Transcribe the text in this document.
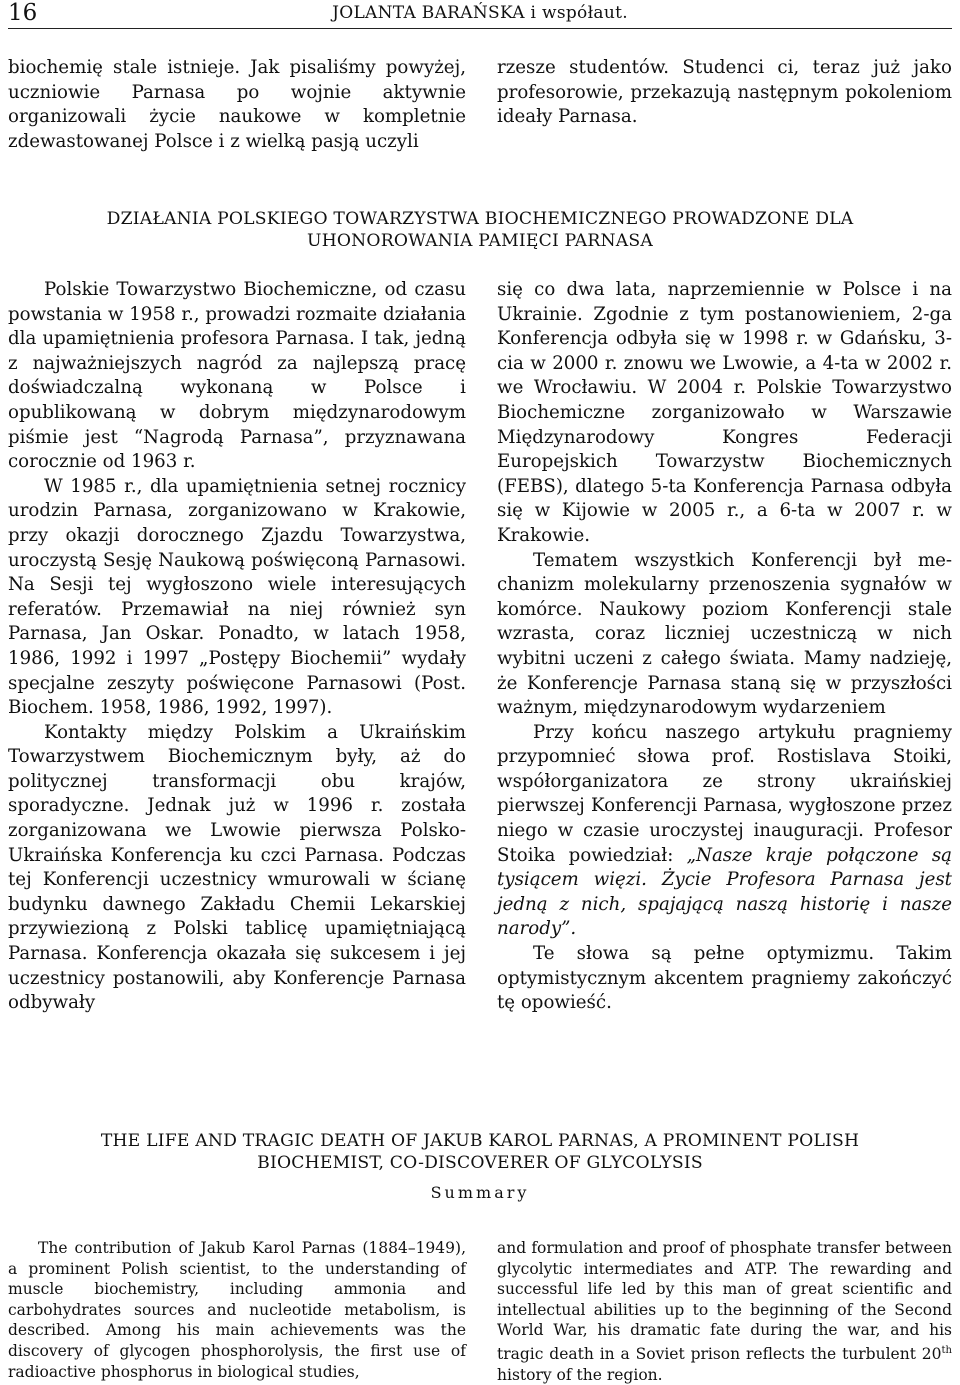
16	JOLANTA BARAŃSKA i współaut.

biochemię stale istnieje. Jak pisaliśmy powyżej, uczniowie Parnasa po wojnie aktywnie organizowali życie naukowe w kompletnie zdewastowanej Polsce i z wielką pasją uczyli

rzesze studentów. Studenci ci, teraz już jako profesorowie, przekazują następnym pokoleniom ideały Parnasa.

DZIAŁANIA POLSKIEGO TOWARZYSTWA BIOCHEMICZNEGO PROWADZONE DLA
UHONOROWANIA PAMIĘCI PARNASA

Polskie Towarzystwo Biochemiczne, od czasu powstania w 1958 r., prowadzi rozmaite działania dla upamiętnienia profesora Parnasa. I tak, jedną z najważniejszych nagród za najlepszą pracę doświadczalną wykonaną w Polsce i opublikowaną w dobrym międzynarodowym piśmie jest “Nagrodą Parnasa”, przyznawana corocznie od 1963 r.

W 1985 r., dla upamiętnienia setnej rocznicy urodzin Parnasa, zorganizowano w Krakowie, przy okazji dorocznego Zjazdu Towarzystwa, uroczystą Sesję Naukową poświęconą Parnasowi. Na Sesji tej wygłoszono wiele interesujących referatów. Przemawiał na niej również syn Parnasa, Jan Oskar. Ponadto, w latach 1958, 1986, 1992 i 1997 „Postępy Biochemii” wydały specjalne zeszyty poświęcone Parnasowi (Post. Biochem. 1958, 1986, 1992, 1997).

Kontakty między Polskim a Ukraińskim Towarzystwem Biochemicznym były, aż do politycznej transformacji obu krajów, sporadyczne. Jednak już w 1996 r. została zorganizowana we Lwowie pierwsza Polsko-Ukraińska Konferencja ku czci Parnasa. Podczas tej Konferencji uczestnicy wmurowali w ścianę budynku dawnego Zakładu Chemii Lekarskiej przywiezioną z Polski tablicę upamiętniającą Parnasa. Konferencja okazała się sukcesem i jej uczestnicy postanowili, aby Konferencje Parnasa odbywały

się co dwa lata, naprzemiennie w Polsce i na Ukrainie. Zgodnie z tym postanowieniem, 2-ga Konferencja odbyła się w 1998 r. w Gdańsku, 3-cia w 2000 r. znowu we Lwowie, a 4-ta w 2002 r. we Wrocławiu. W 2004 r. Polskie Towarzystwo Biochemiczne zorganizowało w Warszawie Międzynarodowy Kongres Federacji Europejskich Towarzystw Biochemicznych (FEBS), dlatego 5-ta Konferencja Parnasa odbyła się w Kijowie w 2005 r., a 6-ta w 2007 r. w Krakowie.

Tematem wszystkich Konferencji był mechanizm molekularny przenoszenia sygnałów w komórce. Naukowy poziom Konferencji stale wzrasta, coraz liczniej uczestniczą w nich wybitni uczeni z całego świata. Mamy nadzieję, że Konferencje Parnasa staną się w przyszłości ważnym, międzynarodowym wydarzeniem

Przy końcu naszego artykułu pragniemy przypomnieć słowa prof. Rostislava Stoiki, współorganizatora ze strony ukraińskiej pierwszej Konferencji Parnasa, wygłoszone przez niego w czasie uroczystej inauguracji. Profesor Stoika powiedział: „Nasze kraje połączone są tysiącem więzi. Życie Profesora Parnasa jest jedną z nich, spajającą naszą historię i nasze narody”.

Te słowa są pełne optymizmu. Takim optymistycznym akcentem pragniemy zakończyć tę opowieść.

THE LIFE AND TRAGIC DEATH OF JAKUB KAROL PARNAS, A PROMINENT POLISH
BIOCHEMIST, CO-DISCOVERER OF GLYCOLYSIS
Summary

The contribution of Jakub Karol Parnas (1884–1949), a prominent Polish scientist, to the understanding of muscle biochemistry, including ammonia and carbohydrates sources and nucleotide metabolism, is described. Among his main achievements was the discovery of glycogen phosphorolysis, the first use of radioactive phosphorus in biological studies,

and formulation and proof of phosphate transfer between glycolytic intermediates and ATP. The rewarding and successful life led by this man of great scientific and intellectual abilities up to the beginning of the Second World War, his dramatic fate during the war, and his tragic death in a Soviet prison reflects the turbulent 20th history of the region.
